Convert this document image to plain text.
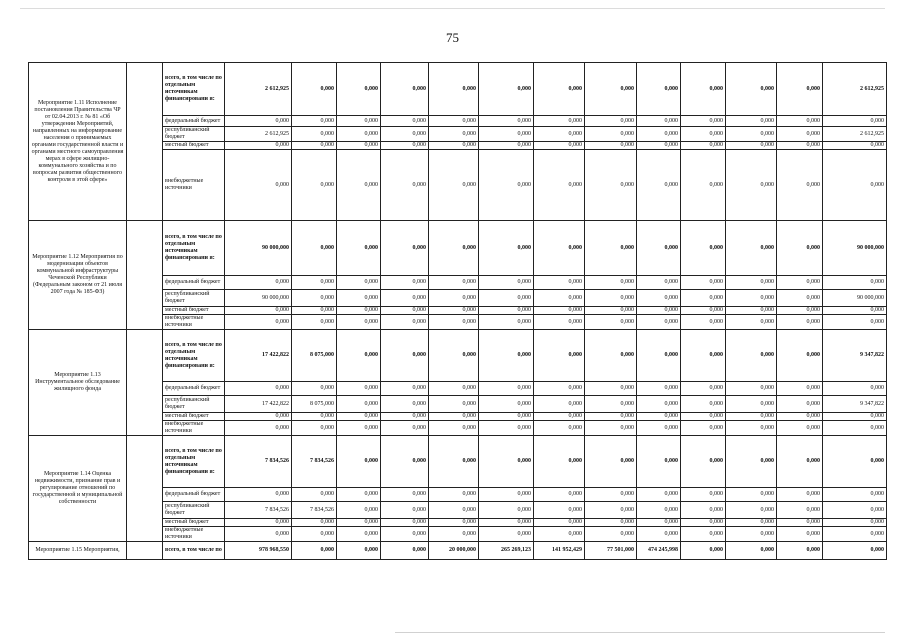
75
Мероприятие 1.11 Исполнение постановления Правительства ЧР от 02.04.2013 г. № 81 «Об утверждении Мероприятий, направленных на информирование населения о принимаемых органами государственной власти и органами местного самоуправления мерах в сфере жилищно-коммунального хозяйства и по вопросам развития общественного контроля в этой сфере»		всего, в том числе по отдельным источникам финансировани я:	2 612,925	0,000	0,000	0,000	0,000	0,000	0,000	0,000	0,000	0,000	0,000	0,000	2 612,925
		федеральный бюджет	0,000	0,000	0,000	0,000	0,000	0,000	0,000	0,000	0,000	0,000	0,000	0,000	0,000
		республиканский бюджет	2 612,925	0,000	0,000	0,000	0,000	0,000	0,000	0,000	0,000	0,000	0,000	0,000	2 612,925
		местный бюджет	0,000	0,000	0,000	0,000	0,000	0,000	0,000	0,000	0,000	0,000	0,000	0,000	0,000
		внебюджетные источники	0,000	0,000	0,000	0,000	0,000	0,000	0,000	0,000	0,000	0,000	0,000	0,000	0,000
Мероприятие 1.12 Мероприятия по модернизации объектов коммунальной инфраструктуры Чеченской Республики (Федеральным законом от 21 июля 2007 года № 185-ФЗ)		всего, в том числе по отдельным источникам финансировани я:	90 000,000	0,000	0,000	0,000	0,000	0,000	0,000	0,000	0,000	0,000	0,000	0,000	90 000,000
		федеральный бюджет	0,000	0,000	0,000	0,000	0,000	0,000	0,000	0,000	0,000	0,000	0,000	0,000	0,000
		республиканский бюджет	90 000,000	0,000	0,000	0,000	0,000	0,000	0,000	0,000	0,000	0,000	0,000	0,000	90 000,000
		местный бюджет	0,000	0,000	0,000	0,000	0,000	0,000	0,000	0,000	0,000	0,000	0,000	0,000	0,000
		внебюджетные источники	0,000	0,000	0,000	0,000	0,000	0,000	0,000	0,000	0,000	0,000	0,000	0,000	0,000
Мероприятие 1.13 Инструментальное обследование жилищного фонда		всего, в том числе по отдельным источникам финансировани я:	17 422,822	8 075,000	0,000	0,000	0,000	0,000	0,000	0,000	0,000	0,000	0,000	0,000	9 347,822
		федеральный бюджет	0,000	0,000	0,000	0,000	0,000	0,000	0,000	0,000	0,000	0,000	0,000	0,000	0,000
		республиканский бюджет	17 422,822	8 075,000	0,000	0,000	0,000	0,000	0,000	0,000	0,000	0,000	0,000	0,000	9 347,822
		местный бюджет	0,000	0,000	0,000	0,000	0,000	0,000	0,000	0,000	0,000	0,000	0,000	0,000	0,000
		внебюджетные источники	0,000	0,000	0,000	0,000	0,000	0,000	0,000	0,000	0,000	0,000	0,000	0,000	0,000
Мероприятие 1.14 Оценка недвижимости, признание прав и регулирование отношений по государственной и муниципальной собственности		всего, в том числе по отдельным источникам финансировани я:	7 834,526	7 834,526	0,000	0,000	0,000	0,000	0,000	0,000	0,000	0,000	0,000	0,000	0,000
		федеральный бюджет	0,000	0,000	0,000	0,000	0,000	0,000	0,000	0,000	0,000	0,000	0,000	0,000	0,000
		республиканский бюджет	7 834,526	7 834,526	0,000	0,000	0,000	0,000	0,000	0,000	0,000	0,000	0,000	0,000	0,000
		местный бюджет	0,000	0,000	0,000	0,000	0,000	0,000	0,000	0,000	0,000	0,000	0,000	0,000	0,000
		внебюджетные источники	0,000	0,000	0,000	0,000	0,000	0,000	0,000	0,000	0,000	0,000	0,000	0,000	0,000
Мероприятие 1.15 Мероприятия,		всего, в том числе по	978 968,550	0,000	0,000	0,000	20 000,000	265 269,123	141 952,429	77 501,000	474 245,998	0,000	0,000	0,000	0,000
